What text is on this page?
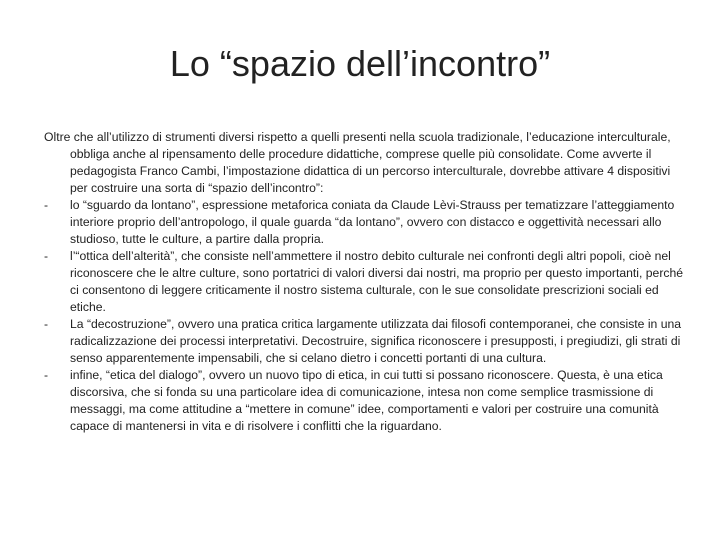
Lo “spazio dell’incontro”

Oltre che all’utilizzo di strumenti diversi rispetto a quelli presenti nella scuola tradizionale, l’educazione interculturale, obbliga anche al ripensamento delle procedure didattiche, comprese quelle più consolidate. Come avverte il pedagogista Franco Cambi, l’impostazione didattica di un percorso interculturale, dovrebbe attivare 4 dispositivi per costruire una sorta di “spazio dell’incontro”:

- lo “sguardo da lontano”, espressione metaforica coniata da Claude Lèvi-Strauss per tematizzare l’atteggiamento interiore proprio dell’antropologo, il quale guarda “da lontano”, ovvero con distacco e oggettività necessari allo studioso, tutte le culture, a partire dalla propria.
- l’“ottica dell’alterità”, che consiste nell’ammettere il nostro debito culturale nei confronti degli altri popoli, cioè nel riconoscere che le altre culture, sono portatrici di valori diversi dai nostri, ma proprio per questo importanti, perché ci consentono di leggere criticamente il nostro sistema culturale, con le sue consolidate prescrizioni sociali ed etiche.
- La “decostruzione”, ovvero una pratica critica largamente utilizzata dai filosofi contemporanei, che consiste in una radicalizzazione dei processi interpretativi. Decostruire, significa riconoscere i presupposti, i pregiudizi, gli strati di senso apparentemente impensabili, che si celano dietro i concetti portanti di una cultura.
- infine, “etica del dialogo”, ovvero un nuovo tipo di etica, in cui tutti si possano riconoscere. Questa, è una etica discorsiva, che si fonda su una particolare idea di comunicazione, intesa non come semplice trasmissione di messaggi, ma come attitudine a “mettere in comune” idee, comportamenti e valori per costruire una comunità capace di mantenersi in vita e di risolvere i conflitti che la riguardano.
